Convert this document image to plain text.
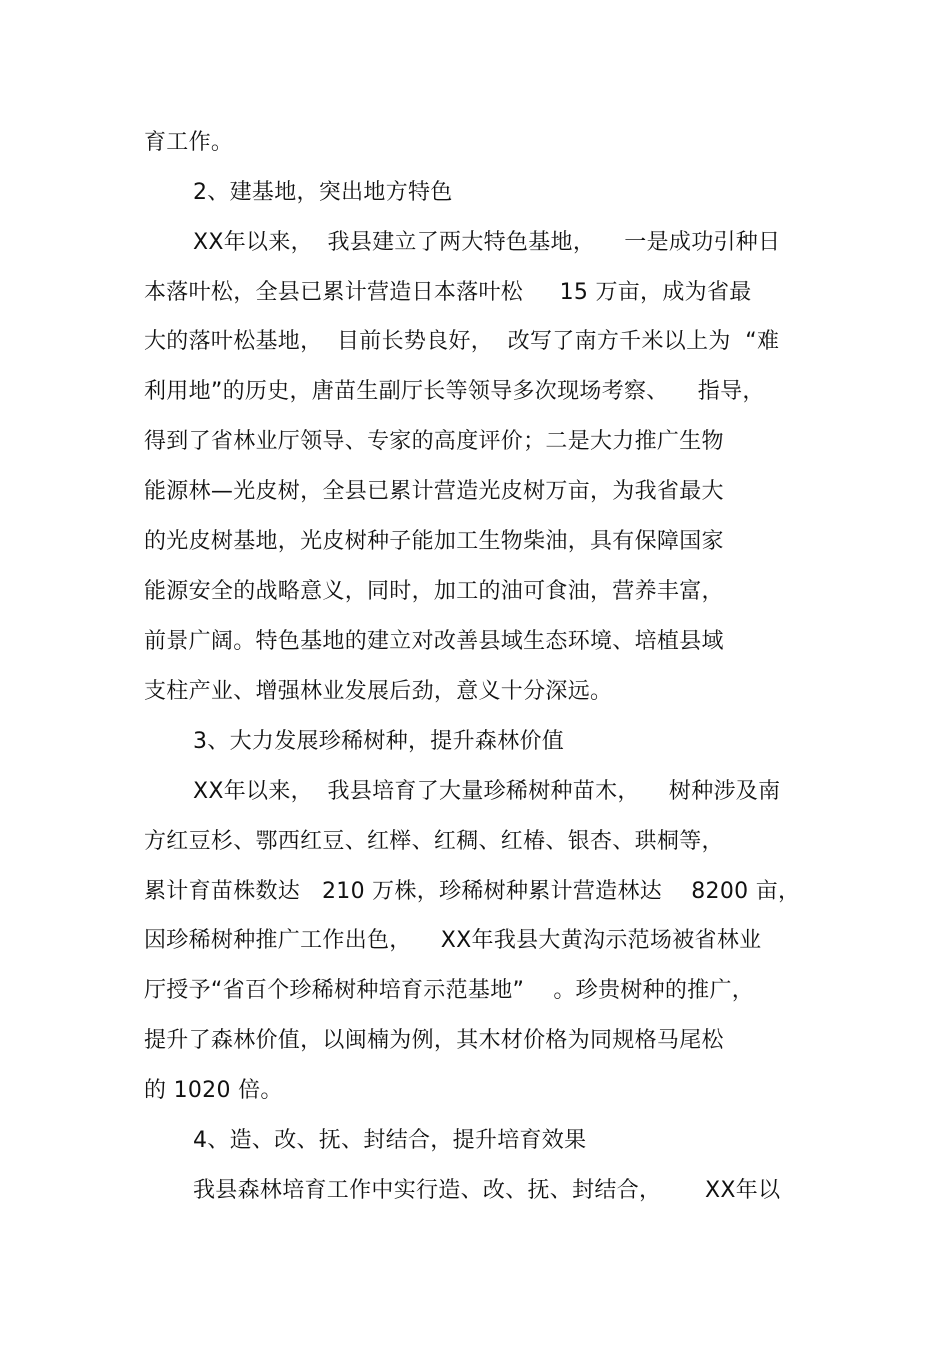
育工作。
2、建基地，突出地方特色
XX年以来，  我县建立了两大特色基地，    一是成功引种日
本落叶松，全县已累计营造日本落叶松     15 万亩，成为省最
大的落叶松基地，  目前长势良好，  改写了南方千米以上为  “难
利用地”的历史，唐苗生副厅长等领导多次现场考察、    指导，
得到了省林业厅领导、专家的高度评价；二是大力推广生物
能源林—光皮树，全县已累计营造光皮树万亩，为我省最大
的光皮树基地，光皮树种子能加工生物柴油，具有保障国家
能源安全的战略意义，同时，加工的油可食油，营养丰富，
前景广阔。特色基地的建立对改善县域生态环境、培植县域
支柱产业、增强林业发展后劲，意义十分深远。
3、大力发展珍稀树种，提升森林价值
XX年以来，  我县培育了大量珍稀树种苗木，    树种涉及南
方红豆杉、鄂西红豆、红榉、红稠、红椿、银杏、珙桐等，
累计育苗株数达   210 万株，珍稀树种累计营造林达    8200 亩，
因珍稀树种推广工作出色，    XX年我县大黄沟示范场被省林业
厅授予“省百个珍稀树种培育示范基地”    。珍贵树种的推广，
提升了森林价值，以闽楠为例，其木材价格为同规格马尾松
的 1020 倍。
4、造、改、抚、封结合，提升培育效果
我县森林培育工作中实行造、改、抚、封结合，      XX年以
